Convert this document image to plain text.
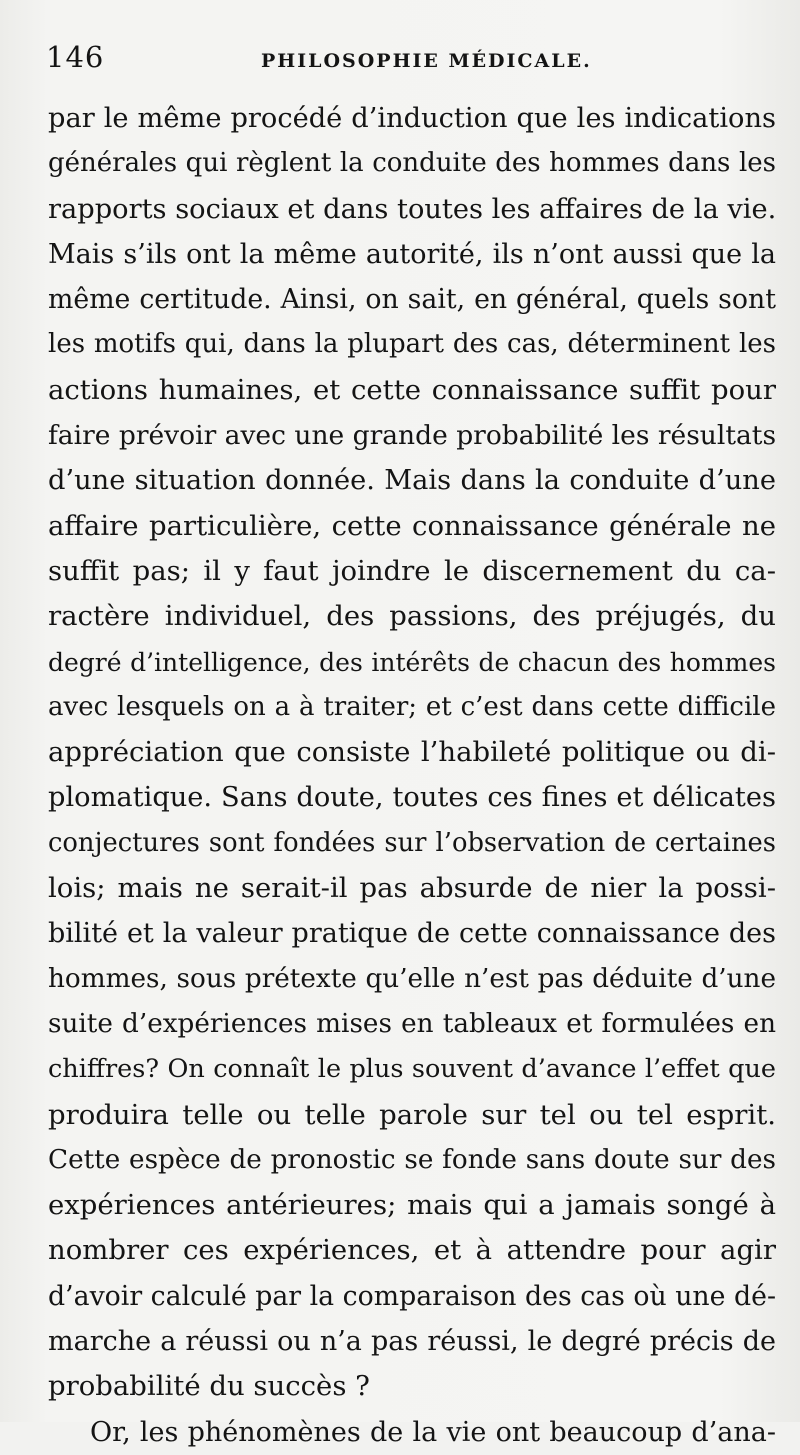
146	PHILOSOPHIE MÉDICALE.
par le même procédé d’induction que les indications
générales qui règlent la conduite des hommes dans les
rapports sociaux et dans toutes les affaires de la vie.
Mais s’ils ont la même autorité, ils n’ont aussi que la
même certitude. Ainsi, on sait, en général, quels sont
les motifs qui, dans la plupart des cas, déterminent les
actions humaines, et cette connaissance suffit pour
faire prévoir avec une grande probabilité les résultats
d’une situation donnée. Mais dans la conduite d’une
affaire particulière, cette connaissance générale ne
suffit pas; il y faut joindre le discernement du ca-
ractère individuel, des passions, des préjugés, du
degré d’intelligence, des intérêts de chacun des hommes
avec lesquels on a à traiter; et c’est dans cette difficile
appréciation que consiste l’habileté politique ou di-
plomatique. Sans doute, toutes ces fines et délicates
conjectures sont fondées sur l’observation de certaines
lois; mais ne serait-il pas absurde de nier la possi-
bilité et la valeur pratique de cette connaissance des
hommes, sous prétexte qu’elle n’est pas déduite d’une
suite d’expériences mises en tableaux et formulées en
chiffres? On connaît le plus souvent d’avance l’effet que
produira telle ou telle parole sur tel ou tel esprit.
Cette espèce de pronostic se fonde sans doute sur des
expériences antérieures; mais qui a jamais songé à
nombrer ces expériences, et à attendre pour agir
d’avoir calculé par la comparaison des cas où une dé-
marche a réussi ou n’a pas réussi, le degré précis de
probabilité du succès ?
Or, les phénomènes de la vie ont beaucoup d’ana-
